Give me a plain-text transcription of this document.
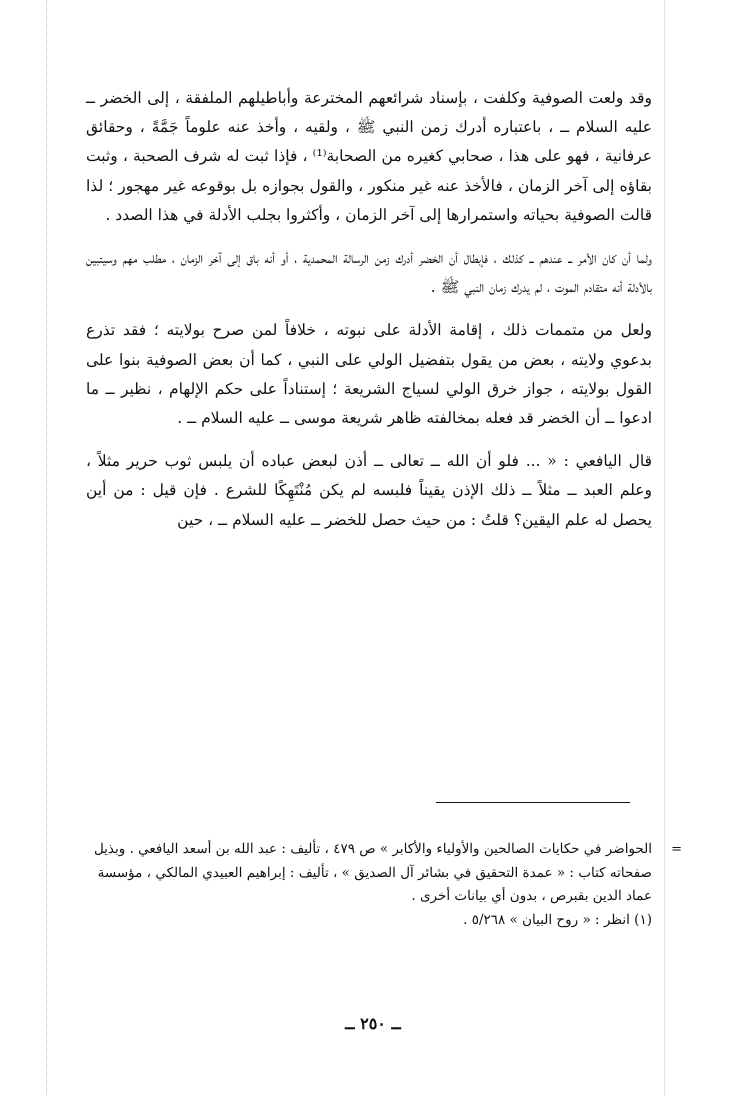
وقد ولعت الصوفية وكلفت ، بإسناد شرائعهم المخترعة وأباطيلهم الملفقة ، إلى الخضر ــ عليه السلام ــ ، باعتباره أدرك زمن النبي ﷺ ، ولقيه ، وأخذ عنه علوماً جَمَّةً ، وحقائق عرفانية ، فهو على هذا ، صحابي كغيره من الصحابة⁽¹⁾ ، فإذا ثبت له شرف الصحبة ، وثبت بقاؤه إلى آخر الزمان ، فالأخذ عنه غير منكور ، والقول بجوازه بل بوقوعه غير مهجور ؛ لذا قالت الصوفية بحياته واستمرارها إلى آخر الزمان ، وأكثروا بجلب الأدلة في هذا الصدد .

ولما أن كان الأمر ــ عندهم ــ كذلك ، فإبطال أن الخضر أدرك زمن الرسالة المحمدية ، أو أنه باق إلى آخر الزمان ، مطلب مهم وسيتبين بالأدلة أنه متقادم الموت ، لم يدرك زمان النبي ﷺ .

ولعل من متممات ذلك ، إقامة الأدلة على نبوته ، خلافاً لمن صرح بولايته ؛ فقد تذرع بدعوي ولايته ، بعض من يقول بتفضيل الولي على النبي ، كما أن بعض الصوفية بنوا على القول بولايته ، جواز خرق الولي لسياج الشريعة ؛ إستناداً على حكم الإلهام ، نظير ــ ما ادعوا ــ أن الخضر قد فعله بمخالفته ظاهر شريعة موسى ــ عليه السلام ــ .

قال اليافعي : « ... فلو أن الله ــ تعالى ــ أذن لبعض عباده أن يلبس ثوب حرير مثلاً ، وعلم العبد ــ مثلاً ــ ذلك الإذن يقيناً فلبسه لم يكن مُنْتَهِكًا للشرع . فإن قيل : من أين يحصل له علم اليقين؟ قلتُ : من حيث حصل للخضر ــ عليه السلام ــ ، حين

=
الحواضر في حكايات الصالحين والأولياء والأكابر » ص ٤٧٩ ، تأليف : عبد الله بن أسعد اليافعي . وبذيل صفحاته كتاب : « عمدة التحقيق في بشائر آل الصديق » ، تأليف : إبراهيم العبيدي المالكي ، مؤسسة عماد الدين بقبرص ، بدون أي بيانات أخرى .

(١) انظر : « روح البيان » ٥/٢٦٨ .

ــ ٢٥٠ ــ
